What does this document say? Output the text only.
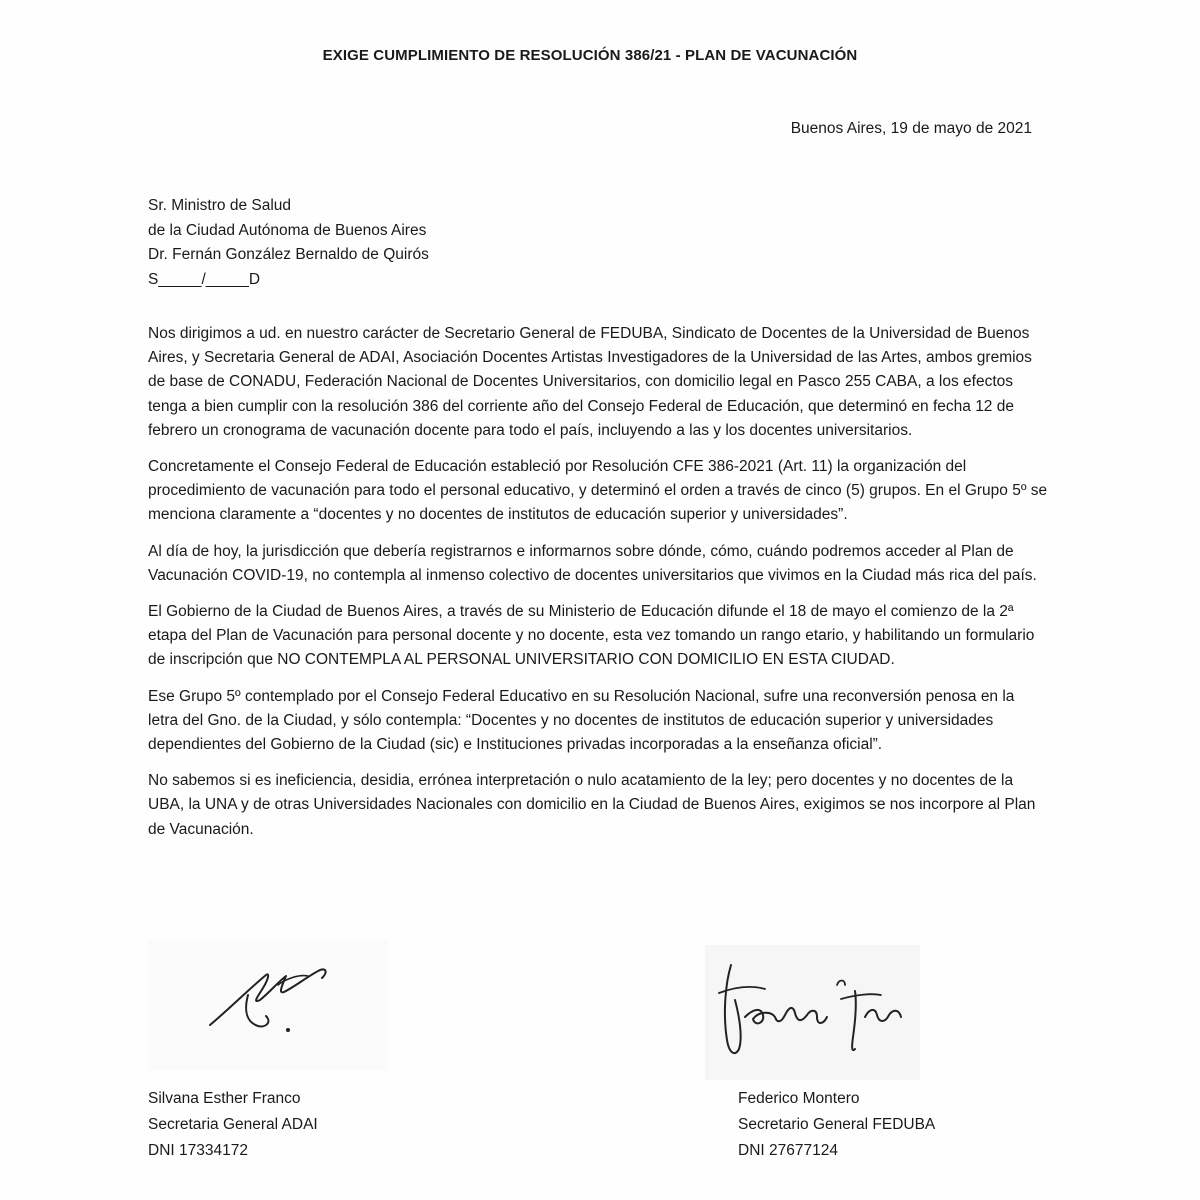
EXIGE CUMPLIMIENTO DE RESOLUCIÓN 386/21 - PLAN DE VACUNACIÓN
Buenos Aires, 19 de mayo de 2021
Sr. Ministro de Salud
de la Ciudad Autónoma de Buenos Aires
Dr. Fernán González Bernaldo de Quirós
S_____/_____D

Nos dirigimos a ud. en nuestro carácter de Secretario General de FEDUBA, Sindicato de Docentes de la Universidad de Buenos Aires, y Secretaria General de ADAI, Asociación Docentes Artistas Investigadores de la Universidad de las Artes, ambos gremios de base de CONADU, Federación Nacional de Docentes Universitarios, con domicilio legal en Pasco 255 CABA, a los efectos tenga a bien cumplir con la resolución 386 del corriente año del Consejo Federal de Educación, que determinó en fecha 12 de febrero un cronograma de vacunación docente para todo el país, incluyendo a las y los docentes universitarios.

Concretamente el Consejo Federal de Educación estableció por Resolución CFE 386-2021 (Art. 11) la organización del procedimiento de vacunación para todo el personal educativo, y determinó el orden a través de cinco (5) grupos. En el Grupo 5º se menciona claramente a “docentes y no docentes de institutos de educación superior y universidades”.

Al día de hoy, la jurisdicción que debería registrarnos e informarnos sobre dónde, cómo, cuándo podremos acceder al Plan de Vacunación COVID-19, no contempla al inmenso colectivo de docentes universitarios que vivimos en la Ciudad más rica del país.

El Gobierno de la Ciudad de Buenos Aires, a través de su Ministerio de Educación difunde el 18 de mayo el comienzo de la 2ª etapa del Plan de Vacunación para personal docente y no docente, esta vez tomando un rango etario, y habilitando un formulario de inscripción que NO CONTEMPLA AL PERSONAL UNIVERSITARIO CON DOMICILIO EN ESTA CIUDAD.

Ese Grupo 5º contemplado por el Consejo Federal Educativo en su Resolución Nacional, sufre una reconversión penosa en la letra del Gno. de la Ciudad, y sólo contempla: “Docentes y no docentes de institutos de educación superior y universidades dependientes del Gobierno de la Ciudad (sic) e Instituciones privadas incorporadas a la enseñanza oficial”.

No sabemos si es ineficiencia, desidia, errónea interpretación o nulo acatamiento de la ley; pero docentes y no docentes de la UBA, la UNA y de otras Universidades Nacionales con domicilio en la Ciudad de Buenos Aires, exigimos se nos incorpore al Plan de Vacunación.

Silvana Esther Franco
Secretaria General ADAI
DNI 17334172
Federico Montero
Secretario General FEDUBA
DNI 27677124
